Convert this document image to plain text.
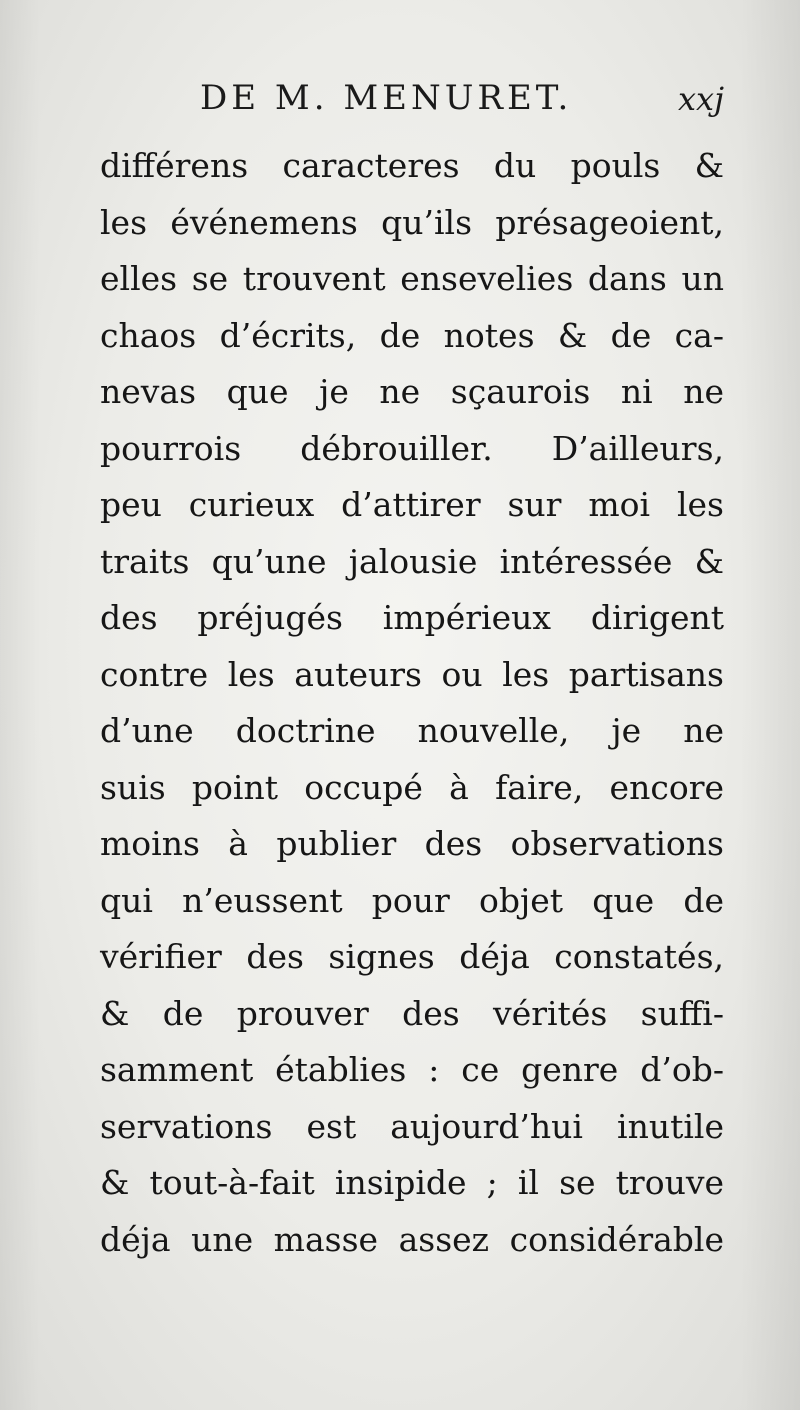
DE M. MENURET.	xxj
différens caracteres du pouls &
les événemens qu’ils présageoient,
elles se trouvent ensevelies dans un
chaos d’écrits, de notes & de ca-
nevas que je ne sçaurois ni ne
pourrois débrouiller. D’ailleurs,
peu curieux d’attirer sur moi les
traits qu’une jalousie intéressée &
des préjugés impérieux dirigent
contre les auteurs ou les partisans
d’une doctrine nouvelle, je ne
suis point occupé à faire, encore
moins à publier des observations
qui n’eussent pour objet que de
vérifier des signes déja constatés,
& de prouver des vérités suffi-
samment établies : ce genre d’ob-
servations est aujourd’hui inutile
& tout-à-fait insipide ; il se trouve
déja une masse assez considérable
